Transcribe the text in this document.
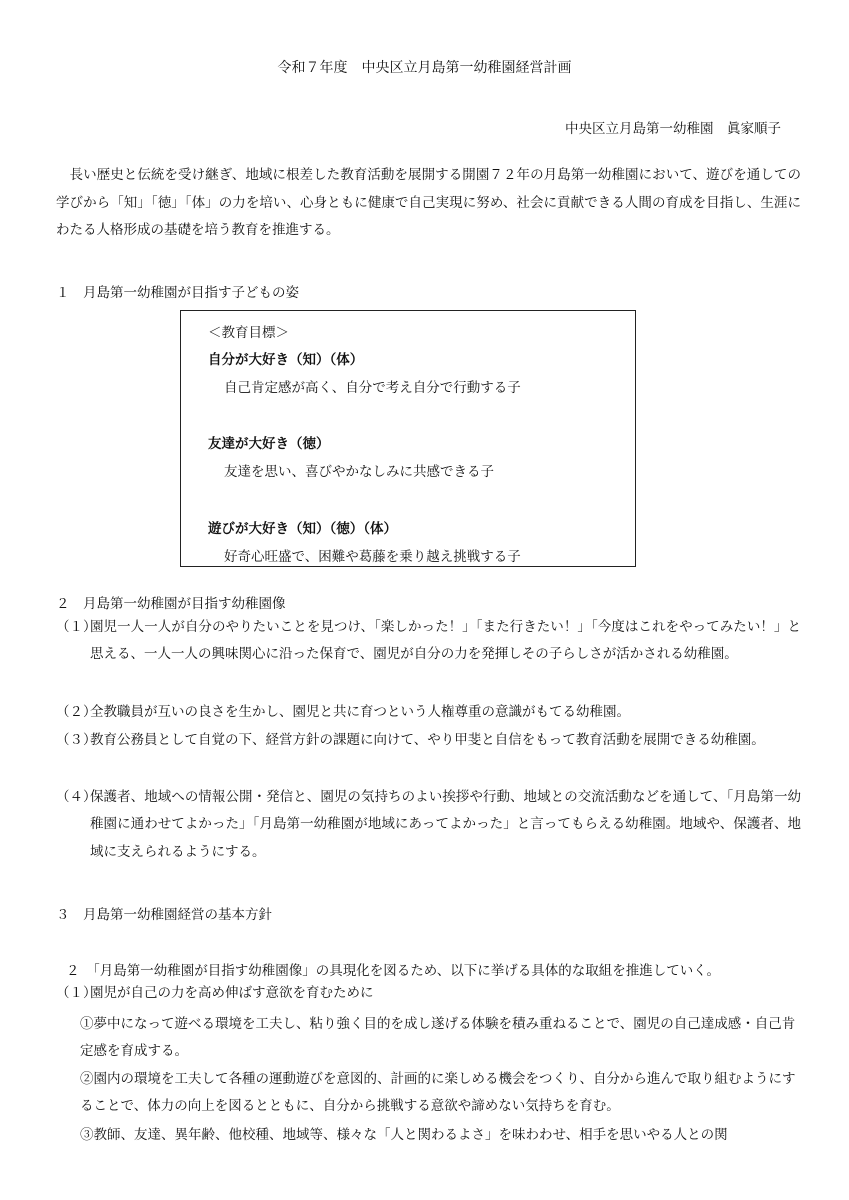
令和７年度　中央区立月島第一幼稚園経営計画
中央区立月島第一幼稚園　眞家順子
　長い歴史と伝統を受け継ぎ、地域に根差した教育活動を展開する開園７２年の月島第一幼稚園において、遊びを通しての学びから「知」「徳」「体」の力を培い、心身ともに健康で自己実現に努め、社会に貢献できる人間の育成を目指し、生涯にわたる人格形成の基礎を培う教育を推進する。
１　月島第一幼稚園が目指す子どもの姿
＜教育目標＞
自分が大好き（知）（体）
自己肯定感が高く、自分で考え自分で行動する子
友達が大好き（徳）
友達を思い、喜びやかなしみに共感できる子
遊びが大好き（知）（徳）（体）
好奇心旺盛で、困難や葛藤を乗り越え挑戦する子
２　月島第一幼稚園が目指す幼稚園像
（１）
園児一人一人が自分のやりたいことを見つけ、「楽しかった！」「また行きたい！」「今度はこれをやってみたい！」と思える、一人一人の興味関心に沿った保育で、園児が自分の力を発揮しその子らしさが活かされる幼稚園。
（２）
全教職員が互いの良さを生かし、園児と共に育つという人権尊重の意識がもてる幼稚園。
（３）
教育公務員として自覚の下、経営方針の課題に向けて、やり甲斐と自信をもって教育活動を展開できる幼稚園。
（４）
保護者、地域への情報公開・発信と、園児の気持ちのよい挨拶や行動、地域との交流活動などを通して、「月島第一幼稚園に通わせてよかった」「月島第一幼稚園が地域にあってよかった」と言ってもらえる幼稚園。地域や、保護者、地域に支えられるようにする。
３　月島第一幼稚園経営の基本方針
２　「月島第一幼稚園が目指す幼稚園像」の具現化を図るため、以下に挙げる具体的な取組を推進していく。
（１）
園児が自己の力を高め伸ばす意欲を育むために
①夢中になって遊べる環境を工夫し、粘り強く目的を成し遂げる体験を積み重ねることで、園児の自己達成感・自己肯定感を育成する。
②園内の環境を工夫して各種の運動遊びを意図的、計画的に楽しめる機会をつくり、自分から進んで取り組むようにすることで、体力の向上を図るとともに、自分から挑戦する意欲や諦めない気持ちを育む。
③教師、友達、異年齢、他校種、地域等、様々な「人と関わるよさ」を味わわせ、相手を思いやる人との関
